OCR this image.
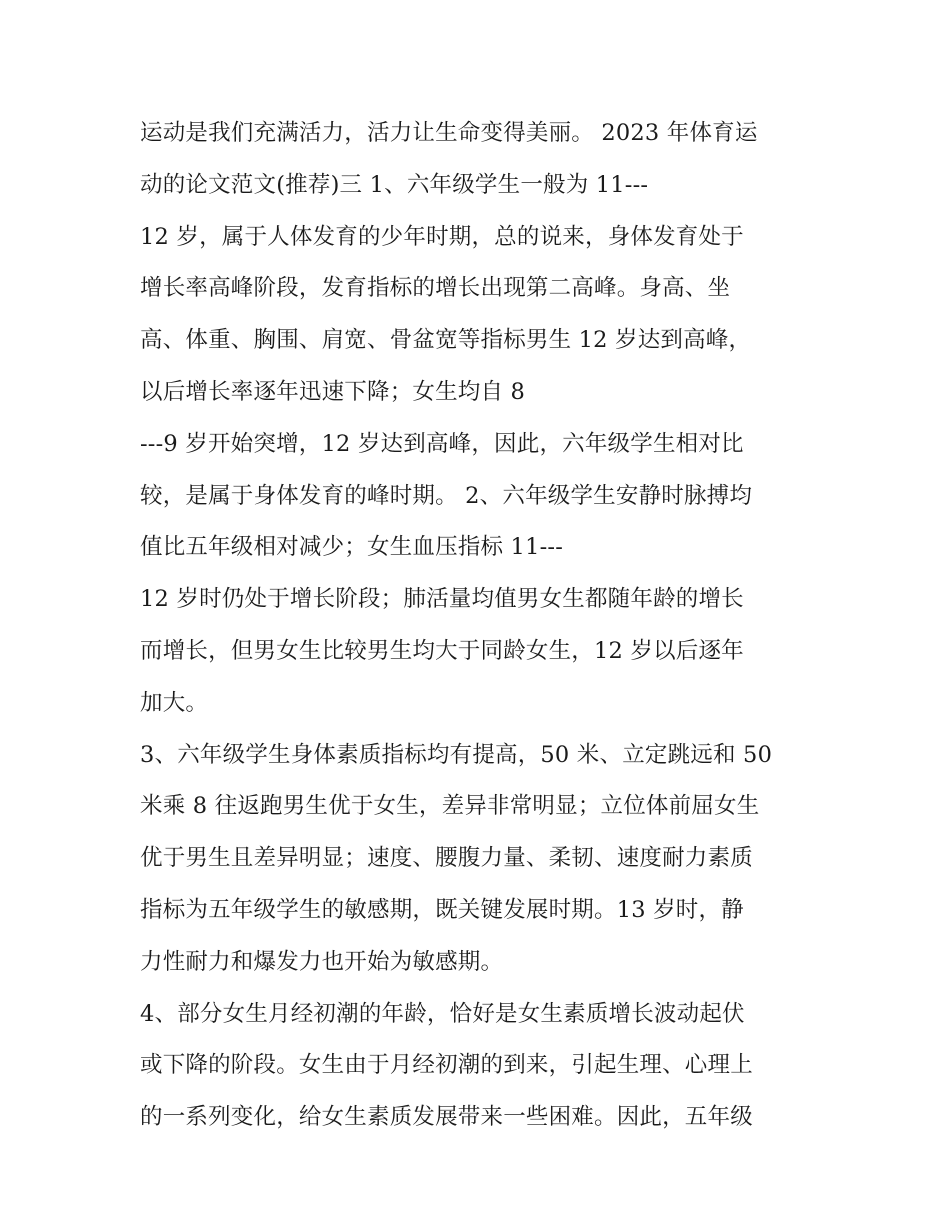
运动是我们充满活力，活力让生命变得美丽。 2023 年体育运
动的论文范文(推荐)三 1、六年级学生一般为 11---
12 岁，属于人体发育的少年时期，总的说来，身体发育处于
增长率高峰阶段，发育指标的增长出现第二高峰。身高、坐
高、体重、胸围、肩宽、骨盆宽等指标男生 12 岁达到高峰，
以后增长率逐年迅速下降；女生均自 8
---9 岁开始突增，12 岁达到高峰，因此，六年级学生相对比
较，是属于身体发育的峰时期。 2、六年级学生安静时脉搏均
值比五年级相对减少；女生血压指标 11---
12 岁时仍处于增长阶段；肺活量均值男女生都随年龄的增长
而增长，但男女生比较男生均大于同龄女生，12 岁以后逐年
加大。
3、六年级学生身体素质指标均有提高，50 米、立定跳远和 50
米乘 8 往返跑男生优于女生，差异非常明显；立位体前屈女生
优于男生且差异明显；速度、腰腹力量、柔韧、速度耐力素质
指标为五年级学生的敏感期，既关键发展时期。13 岁时，静
力性耐力和爆发力也开始为敏感期。
4、部分女生月经初潮的年龄，恰好是女生素质增长波动起伏
或下降的阶段。女生由于月经初潮的到来，引起生理、心理上
的一系列变化，给女生素质发展带来一些困难。因此，五年级
